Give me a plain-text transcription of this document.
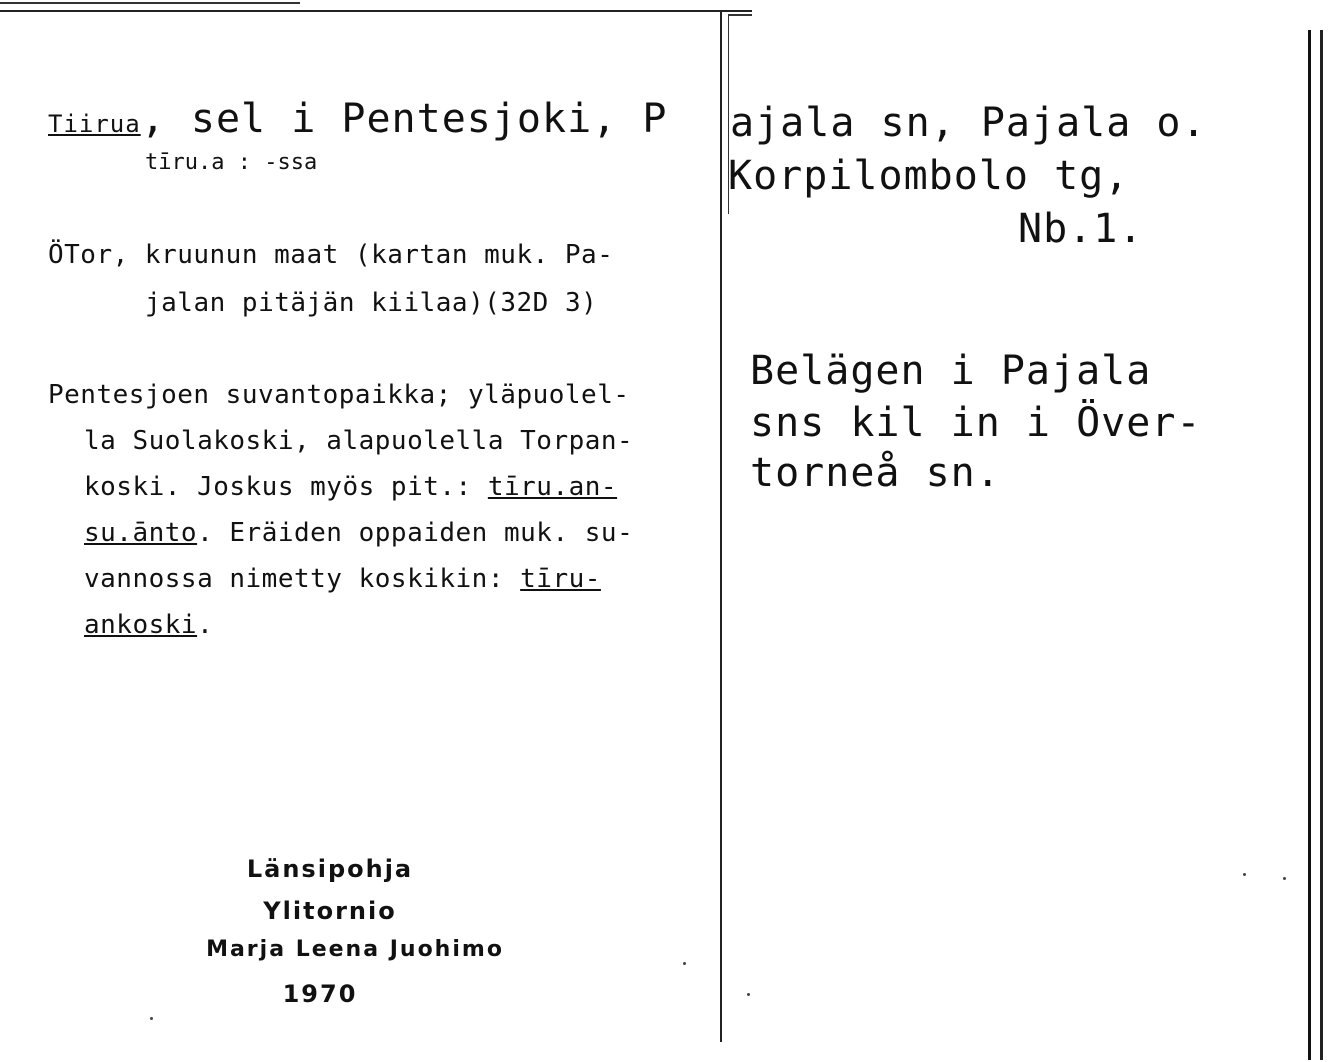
Tiirua, sel i Pentesjoki, P ajala sn, Pajala o.
Korpilombolo tg,
Nb.1.
tīru.a : -ssa
ÖTor, kruunun maat (kartan muk. Pa-
jalan pitäjän kiilaa)(32D 3)
Pentesjoen suvantopaikka; yläpuolel-
la Suolakoski, alapuolella Torpan-
koski. Joskus myös pit.: tīru.an-
su.ānto. Eräiden oppaiden muk. su-
vannossa nimetty koskikin: tīru-
ankoski.
Belägen i Pajala
sns kil in i Över-
torneå sn.
Länsipohja
Ylitornio
Marja Leena Juohimo
1970
